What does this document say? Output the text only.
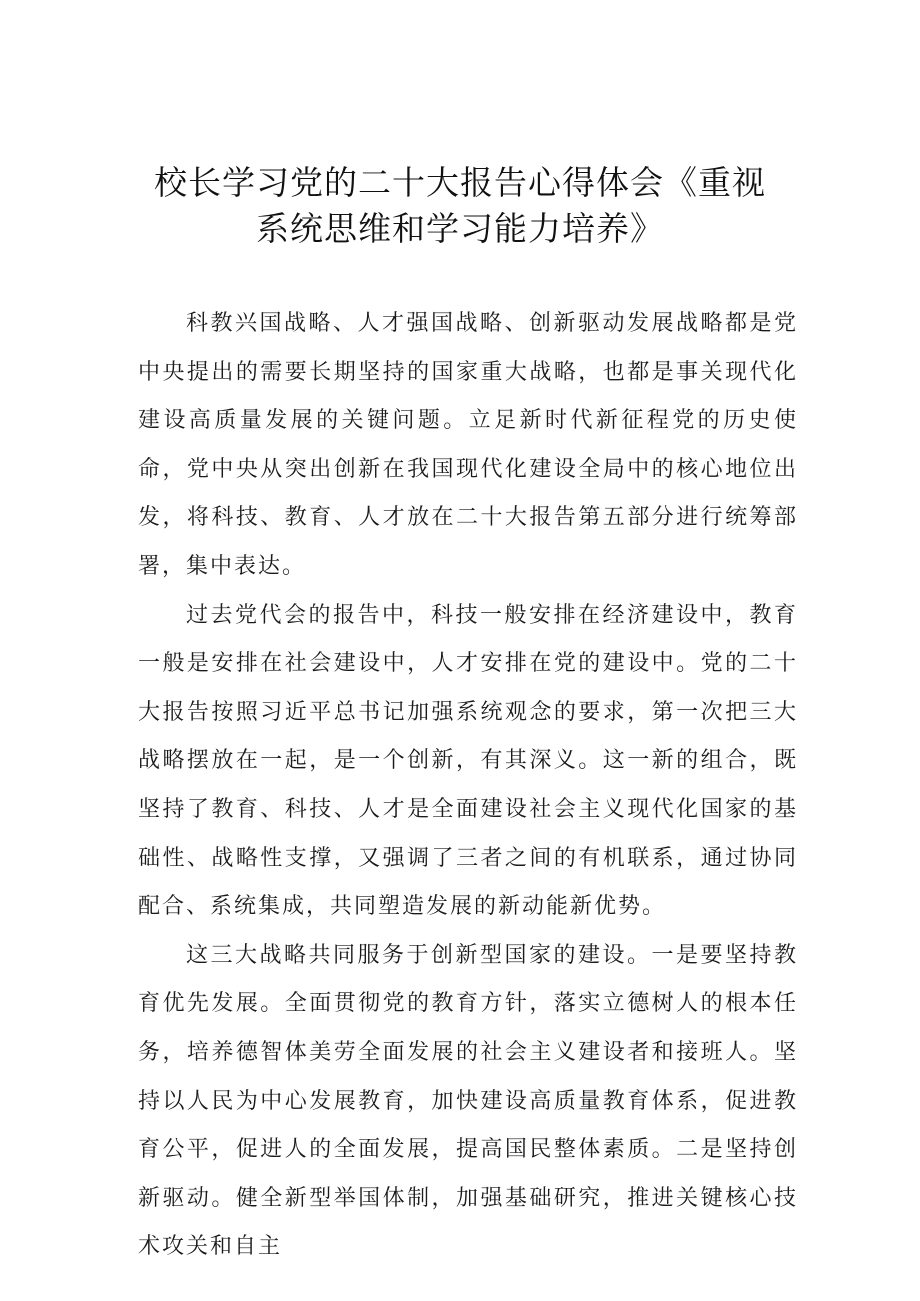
校长学习党的二十大报告心得体会《重视
系统思维和学习能力培养》

科教兴国战略、人才强国战略、创新驱动发展战略都是党中央提出的需要长期坚持的国家重大战略，也都是事关现代化建设高质量发展的关键问题。立足新时代新征程党的历史使命，党中央从突出创新在我国现代化建设全局中的核心地位出发，将科技、教育、人才放在二十大报告第五部分进行统筹部署，集中表达。

过去党代会的报告中，科技一般安排在经济建设中，教育一般是安排在社会建设中，人才安排在党的建设中。党的二十大报告按照习近平总书记加强系统观念的要求，第一次把三大战略摆放在一起，是一个创新，有其深义。这一新的组合，既坚持了教育、科技、人才是全面建设社会主义现代化国家的基础性、战略性支撑，又强调了三者之间的有机联系，通过协同配合、系统集成，共同塑造发展的新动能新优势。

这三大战略共同服务于创新型国家的建设。一是要坚持教育优先发展。全面贯彻党的教育方针，落实立德树人的根本任务，培养德智体美劳全面发展的社会主义建设者和接班人。坚持以人民为中心发展教育，加快建设高质量教育体系，促进教育公平，促进人的全面发展，提高国民整体素质。二是坚持创新驱动。健全新型举国体制，加强基础研究，推进关键核心技术攻关和自主
